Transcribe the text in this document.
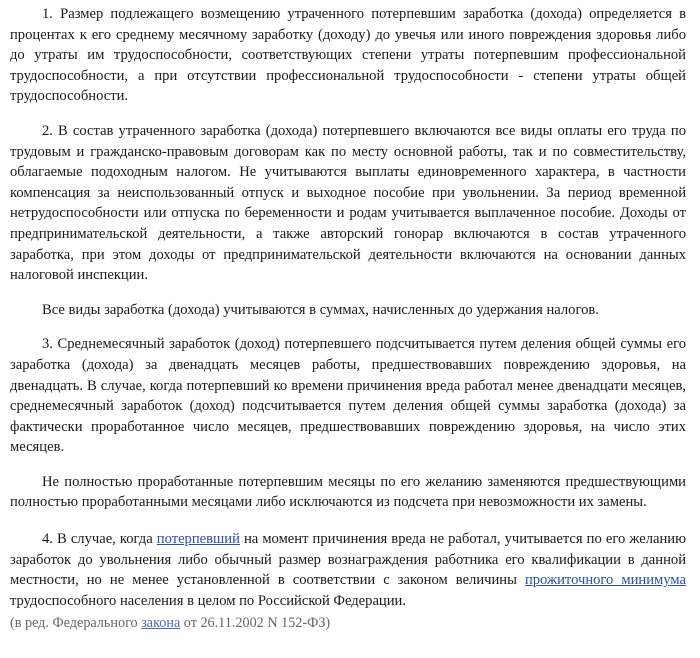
1. Размер подлежащего возмещению утраченного потерпевшим заработка (дохода) определяется в процентах к его среднему месячному заработку (доходу) до увечья или иного повреждения здоровья либо до утраты им трудоспособности, соответствующих степени утраты потерпевшим профессиональной трудоспособности, а при отсутствии профессиональной трудоспособности - степени утраты общей трудоспособности.

2. В состав утраченного заработка (дохода) потерпевшего включаются все виды оплаты его труда по трудовым и гражданско-правовым договорам как по месту основной работы, так и по совместительству, облагаемые подоходным налогом. Не учитываются выплаты единовременного характера, в частности компенсация за неиспользованный отпуск и выходное пособие при увольнении. За период временной нетрудоспособности или отпуска по беременности и родам учитывается выплаченное пособие. Доходы от предпринимательской деятельности, а также авторский гонорар включаются в состав утраченного заработка, при этом доходы от предпринимательской деятельности включаются на основании данных налоговой инспекции.

Все виды заработка (дохода) учитываются в суммах, начисленных до удержания налогов.

3. Среднемесячный заработок (доход) потерпевшего подсчитывается путем деления общей суммы его заработка (дохода) за двенадцать месяцев работы, предшествовавших повреждению здоровья, на двенадцать. В случае, когда потерпевший ко времени причинения вреда работал менее двенадцати месяцев, среднемесячный заработок (доход) подсчитывается путем деления общей суммы заработка (дохода) за фактически проработанное число месяцев, предшествовавших повреждению здоровья, на число этих месяцев.

Не полностью проработанные потерпевшим месяцы по его желанию заменяются предшествующими полностью проработанными месяцами либо исключаются из подсчета при невозможности их замены.

4. В случае, когда потерпевший на момент причинения вреда не работал, учитывается по его желанию заработок до увольнения либо обычный размер вознаграждения работника его квалификации в данной местности, но не менее установленной в соответствии с законом величины прожиточного минимума трудоспособного населения в целом по Российской Федерации.

(в ред. Федерального закона от 26.11.2002 N 152-ФЗ)
